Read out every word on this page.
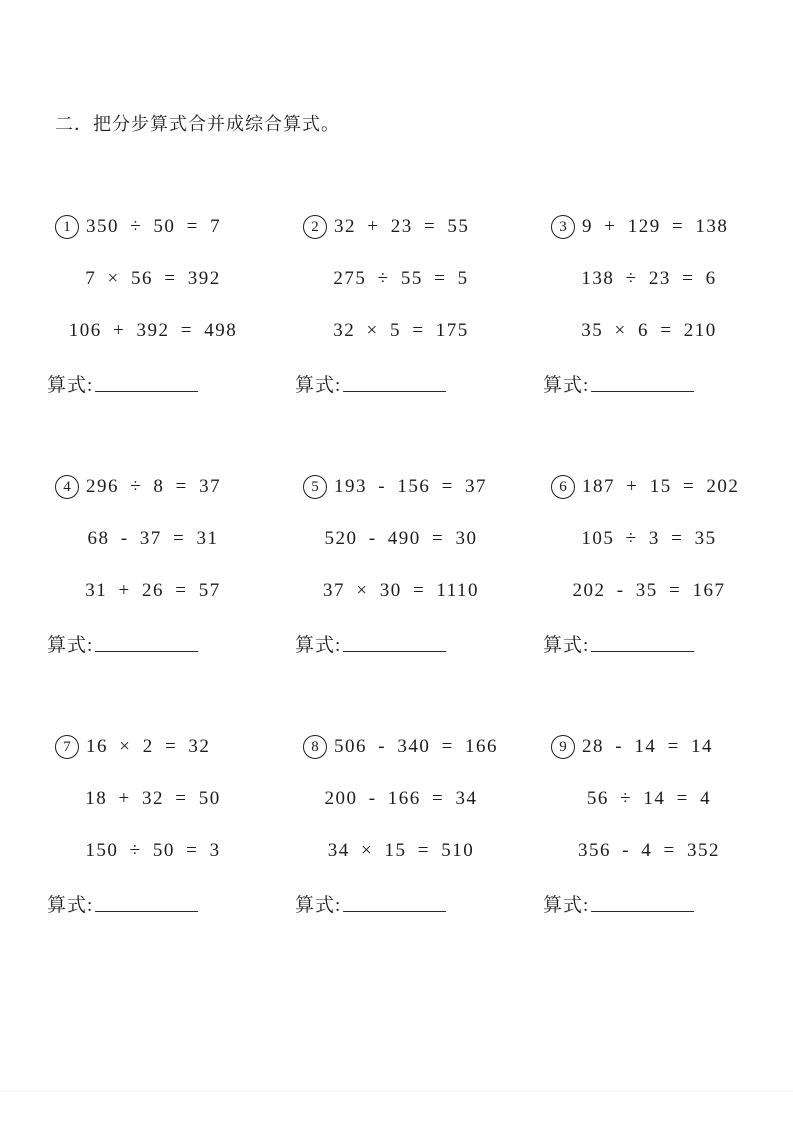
二．把分步算式合并成综合算式。
1 350 ÷ 50 = 7
7 × 56 = 392
106 + 392 = 498
算式:
2 32 + 23 = 55
275 ÷ 55 = 5
32 × 5 = 175
算式:
3 9 + 129 = 138
138 ÷ 23 = 6
35 × 6 = 210
算式:
4 296 ÷ 8 = 37
68 - 37 = 31
31 + 26 = 57
算式:
5 193 - 156 = 37
520 - 490 = 30
37 × 30 = 1110
算式:
6 187 + 15 = 202
105 ÷ 3 = 35
202 - 35 = 167
算式:
7 16 × 2 = 32
18 + 32 = 50
150 ÷ 50 = 3
算式:
8 506 - 340 = 166
200 - 166 = 34
34 × 15 = 510
算式:
9 28 - 14 = 14
56 ÷ 14 = 4
356 - 4 = 352
算式:
